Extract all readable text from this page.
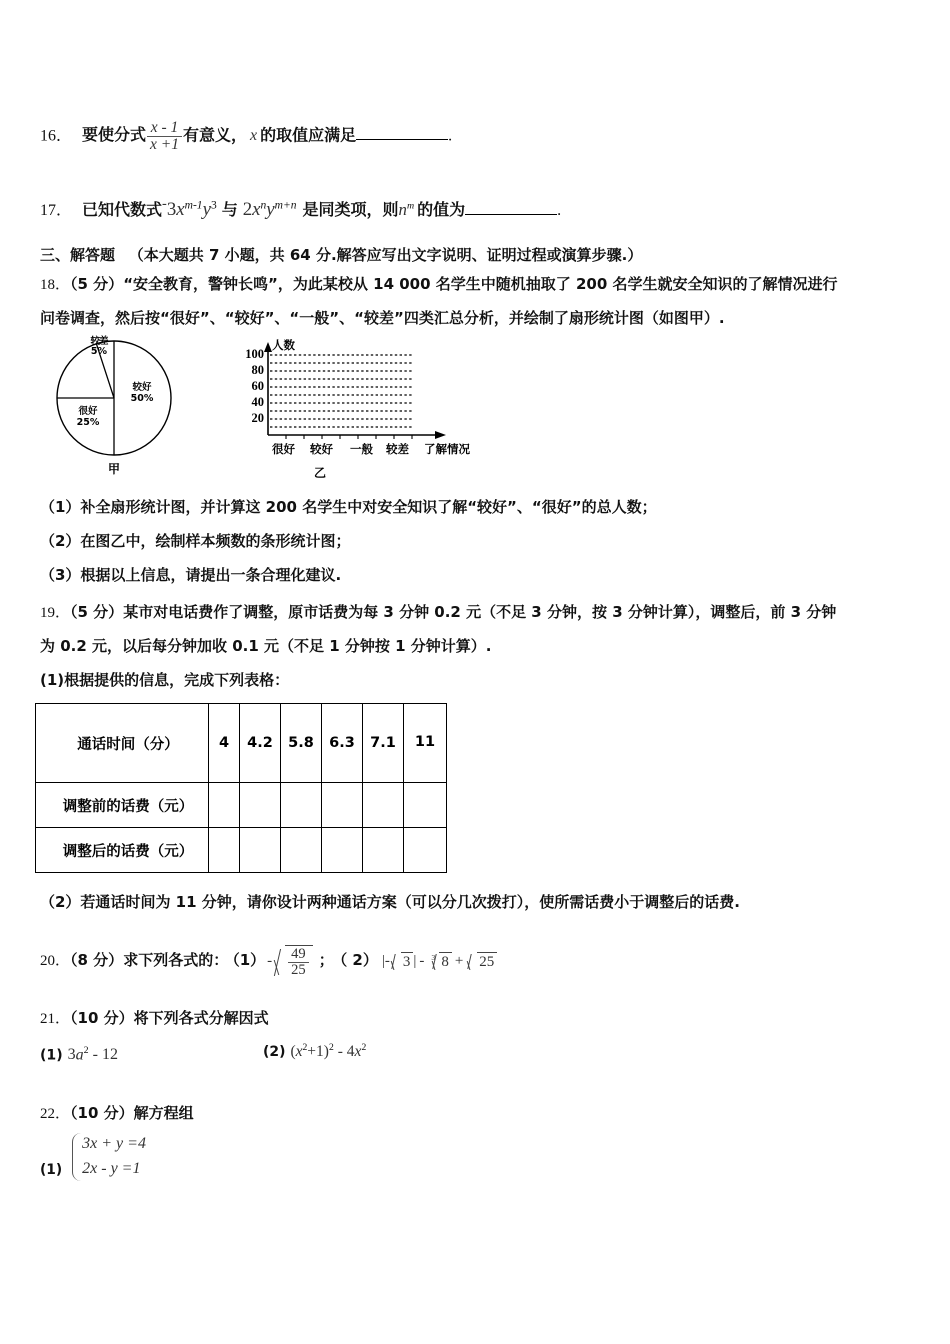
16． 要使分式 $\frac{x - 1}{x +1}$ 有意义， x 的取值应满足	.
17． 已知代数式$-3x^{m-1}y^3$ 与 $2x^ny^{m+n}$ 是同类项，则$n^m$ 的值为	.
三、解答题 （本大题共 7 小题，共 64 分.解答应写出文字说明、证明过程或演算步骤.）
18．（5 分）“安全教育，警钟长鸣”，为此某校从 14 000 名学生中随机抽取了 200 名学生就安全知识的了解情况进行
问卷调查，然后按“很好”、“较好”、“一般”、“较差”四类汇总分析，并绘制了扇形统计图（如图甲）.
较好
50%
很好
25%
较差
5%
甲
人数
100
80
60
40
20
很好 较好 一般 较差 了解情况
乙
（1）补全扇形统计图，并计算这 200 名学生中对安全知识了解“较好”、“很好”的总人数；
（2）在图乙中，绘制样本频数的条形统计图；
（3）根据以上信息，请提出一条合理化建议.
19．（5 分）某市对电话费作了调整，原市话费为每 3 分钟 0.2 元（不足 3 分钟，按 3 分钟计算），调整后，前 3 分钟
为 0.2 元，以后每分钟加收 0.1 元（不足 1 分钟按 1 分钟计算）.
(1)根据提供的信息，完成下列表格：
通话时间（分）	4	4.2	5.8	6.3	7.1	11
调整前的话费（元）						
调整后的话费（元）						
（2）若通话时间为 11 分钟，请你设计两种通话方案（可以分几次拨打），使所需话费小于调整后的话费.
20．（8 分）求下列各式的： $(1) - \frac{49}{25}$ ； （ 2） |- 3 | - $^3$ 8 + 25
21．（10 分）将下列各式分解因式
(1) $3a^2 - 12$	(2) $(x^2+1)^2 - 4x^2$
22．（10 分）解方程组
(1)
3x + y =4
2x - y =1
